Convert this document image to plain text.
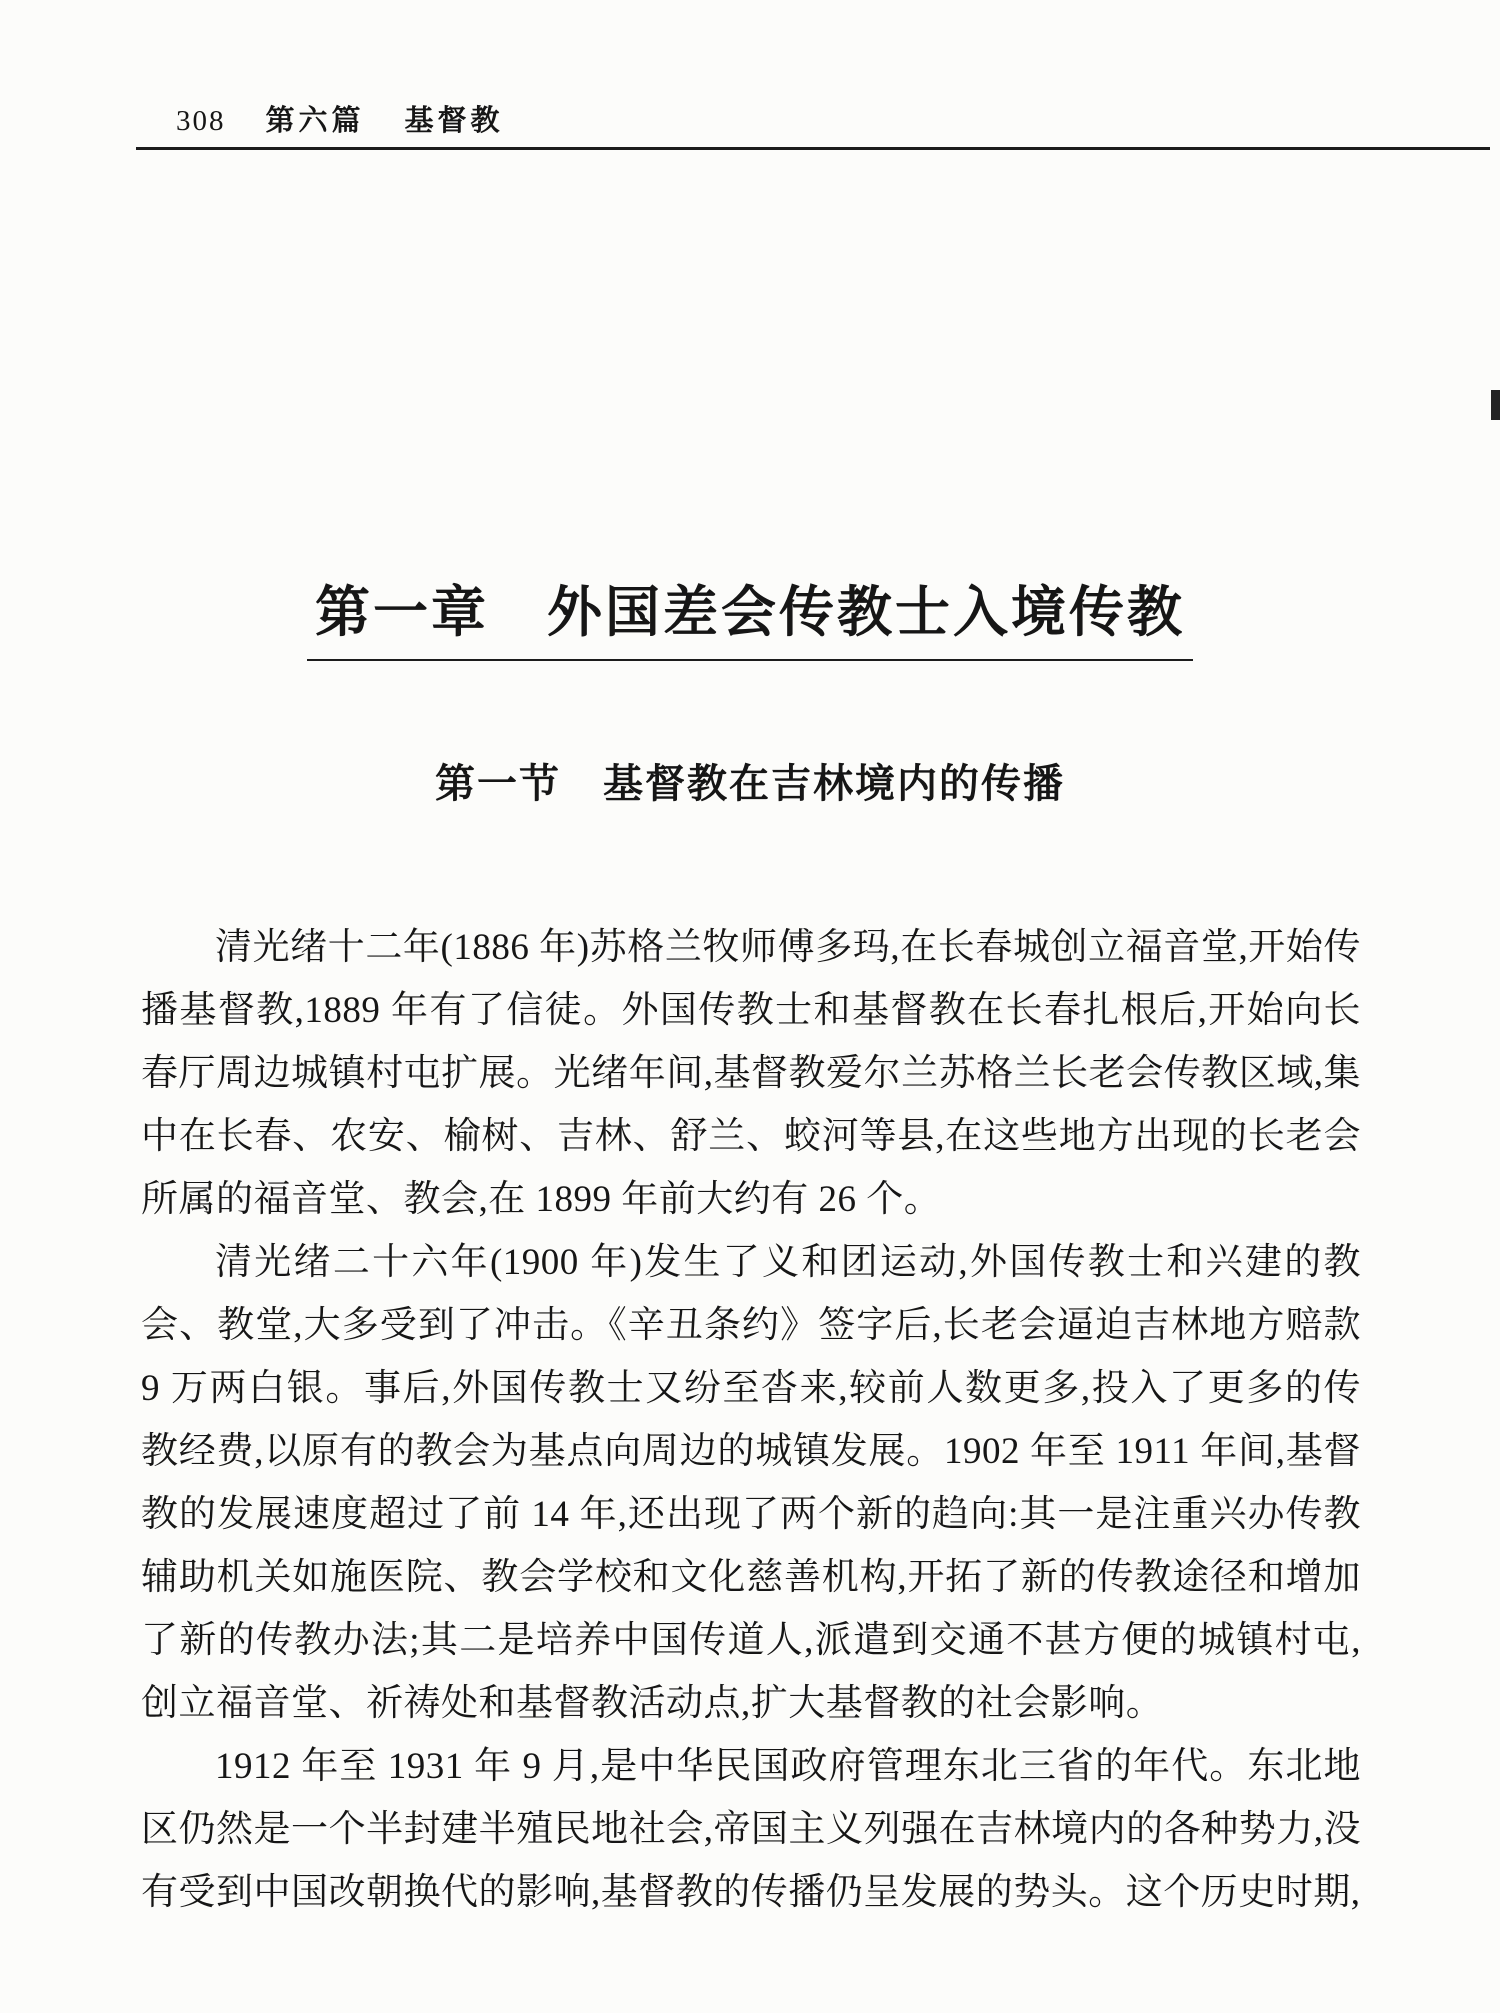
308 第六篇 基督教
第一章　外国差会传教士入境传教
第一节　基督教在吉林境内的传播

清光绪十二年(1886 年)苏格兰牧师傅多玛,在长春城创立福音堂,开始传播基督教,1889 年有了信徒。外国传教士和基督教在长春扎根后,开始向长春厅周边城镇村屯扩展。光绪年间,基督教爱尔兰苏格兰长老会传教区域,集中在长春、农安、榆树、吉林、舒兰、蛟河等县,在这些地方出现的长老会所属的福音堂、教会,在 1899 年前大约有 26 个。

清光绪二十六年(1900 年)发生了义和团运动,外国传教士和兴建的教会、教堂,大多受到了冲击。《辛丑条约》签字后,长老会逼迫吉林地方赔款 9 万两白银。事后,外国传教士又纷至沓来,较前人数更多,投入了更多的传教经费,以原有的教会为基点向周边的城镇发展。1902 年至 1911 年间,基督教的发展速度超过了前 14 年,还出现了两个新的趋向:其一是注重兴办传教辅助机关如施医院、教会学校和文化慈善机构,开拓了新的传教途径和增加了新的传教办法;其二是培养中国传道人,派遣到交通不甚方便的城镇村屯,创立福音堂、祈祷处和基督教活动点,扩大基督教的社会影响。

1912 年至 1931 年 9 月,是中华民国政府管理东北三省的年代。东北地区仍然是一个半封建半殖民地社会,帝国主义列强在吉林境内的各种势力,没有受到中国改朝换代的影响,基督教的传播仍呈发展的势头。这个历史时期,
